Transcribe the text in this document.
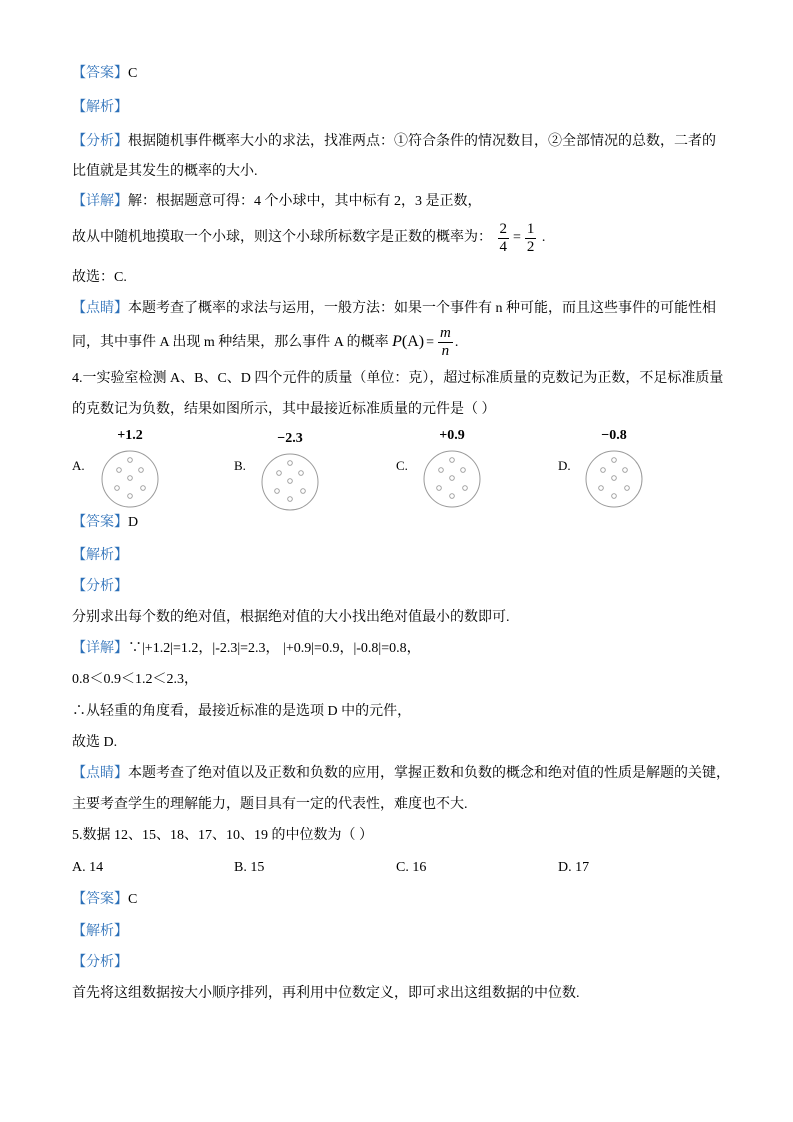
【答案】C
【解析】
【分析】根据随机事件概率大小的求法，找准两点：①符合条件的情况数目，②全部情况的总数，二者的
比值就是其发生的概率的大小.
【详解】解：根据题意可得：4 个小球中，其中标有 2，3 是正数，
故从中随机地摸取一个小球，则这个小球所标数字是正数的概率为： $\frac{2}{4} = \frac{1}{2}$ .
故选：C.
【点睛】本题考查了概率的求法与运用，一般方法：如果一个事件有 n 种可能，而且这些事件的可能性相
同，其中事件 A 出现 m 种结果，那么事件 A 的概率 $P(A) = \frac{m}{n}$ .
4.一实验室检测 A、B、C、D 四个元件的质量（单位：克），超过标准质量的克数记为正数，不足标准质量
的克数记为负数，结果如图所示，其中最接近标准质量的元件是（ ）
A.
+1.2
B.
−2.3
C.
+0.9
D.
−0.8
【答案】D
【解析】
【分析】
分别求出每个数的绝对值，根据绝对值的大小找出绝对值最小的数即可.
【详解】∵|+1.2|=1.2，|-2.3|=2.3， |+0.9|=0.9，|-0.8|=0.8，
0.8＜0.9＜1.2＜2.3，
∴从轻重的角度看，最接近标准的是选项 D 中的元件，
故选 D.
【点睛】本题考查了绝对值以及正数和负数的应用，掌握正数和负数的概念和绝对值的性质是解题的关键，
主要考查学生的理解能力，题目具有一定的代表性，难度也不大.
5.数据 12、15、18、17、10、19 的中位数为（ ）
A. 14	B. 15	C. 16	D. 17
【答案】C
【解析】
【分析】
首先将这组数据按大小顺序排列，再利用中位数定义，即可求出这组数据的中位数.
